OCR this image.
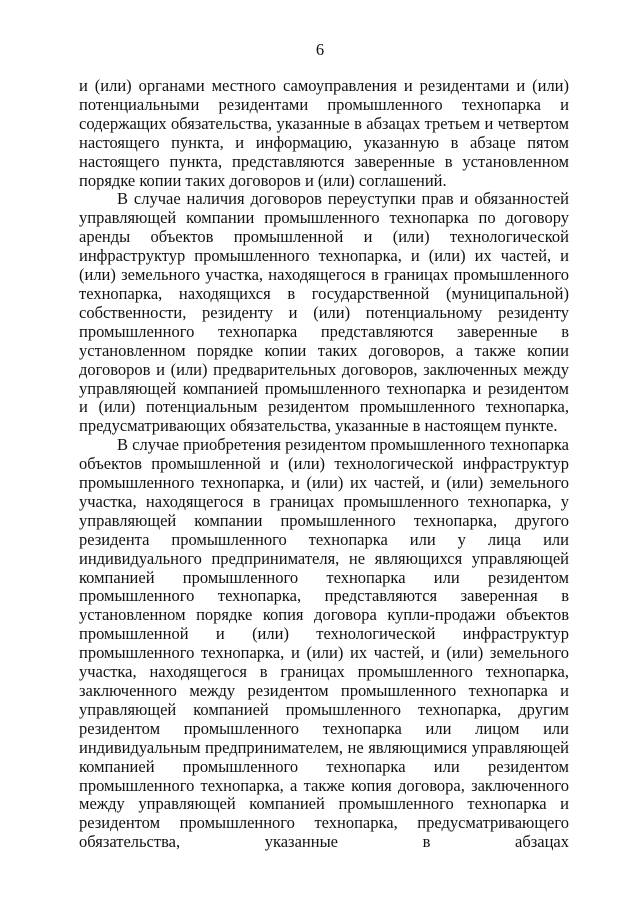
6

и (или) органами местного самоуправления и резидентами и (или) потенциальными резидентами промышленного технопарка и содержащих обязательства, указанные в абзацах третьем и четвертом настоящего пункта, и информацию, указанную в абзаце пятом настоящего пункта, представляются заверенные в установленном порядке копии таких договоров и (или) соглашений.

В случае наличия договоров переуступки прав и обязанностей управляющей компании промышленного технопарка по договору аренды объектов промышленной и (или) технологической инфраструктур промышленного технопарка, и (или) их частей, и (или) земельного участка, находящегося в границах промышленного технопарка, находящихся в государственной (муниципальной) собственности, резиденту и (или) потенциальному резиденту промышленного технопарка представляются заверенные в установленном порядке копии таких договоров, а также копии договоров и (или) предварительных договоров, заключенных между управляющей компанией промышленного технопарка и резидентом и (или) потенциальным резидентом промышленного технопарка, предусматривающих обязательства, указанные в настоящем пункте.

В случае приобретения резидентом промышленного технопарка объектов промышленной и (или) технологической инфраструктур промышленного технопарка, и (или) их частей, и (или) земельного участка, находящегося в границах промышленного технопарка, у управляющей компании промышленного технопарка, другого резидента промышленного технопарка или у лица или индивидуального предпринимателя, не являющихся управляющей компанией промышленного технопарка или резидентом промышленного технопарка, представляются заверенная в установленном порядке копия договора купли-продажи объектов промышленной и (или) технологической инфраструктур промышленного технопарка, и (или) их частей, и (или) земельного участка, находящегося в границах промышленного технопарка, заключенного между резидентом промышленного технопарка и управляющей компанией промышленного технопарка, другим резидентом промышленного технопарка или лицом или индивидуальным предпринимателем, не являющимися управляющей компанией промышленного технопарка или резидентом промышленного технопарка, а также копия договора, заключенного между управляющей компанией промышленного технопарка и резидентом промышленного технопарка, предусматривающего обязательства, указанные в абзацах
